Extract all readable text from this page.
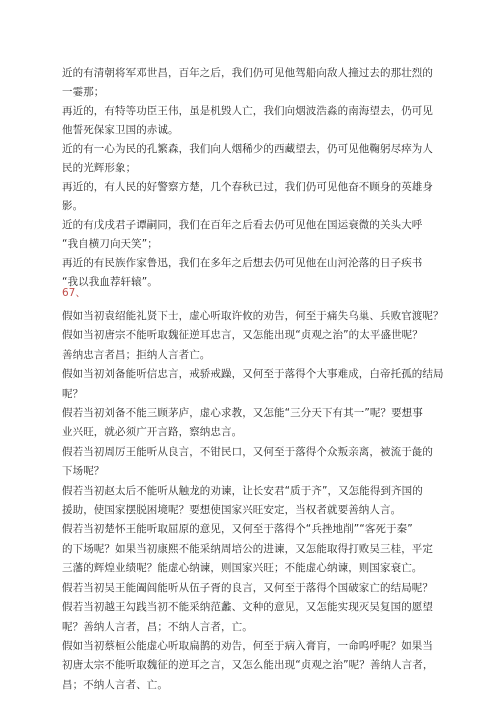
近的有清朝将军邓世昌，百年之后，我们仍可见他驾船向敌人撞过去的那壮烈的
一霎那；

再近的，有特等功臣王伟，虽是机毁人亡，我们向烟波浩淼的南海望去，仍可见
他誓死保家卫国的赤诚。

近的有一心为民的孔繁森，我们向人烟稀少的西藏望去，仍可见他鞠躬尽瘁为人
民的光辉形象；

再近的，有人民的好警察方楚，几个春秋已过，我们仍可见他奋不顾身的英雄身
影。

近的有戊戌君子谭嗣同，我们在百年之后看去仍可见他在国运衰微的关头大呼
“我自横刀向天笑”；

再近的有民族作家鲁迅，我们在多年之后想去仍可见他在山河沦落的日子疾书
“我以我血荐轩辕”。

67、

假如当初袁绍能礼贤下士，虚心听取许攸的劝告，何至于痛失乌巢、兵败官渡呢？
假如当初唐宗不能听取魏征逆耳忠言，又怎能出现“贞观之治”的太平盛世呢？
善纳忠言者昌；拒纳人言者亡。

假如当初刘备能听信忠言，戒骄戒躁，又何至于落得个大事难成，白帝托孤的结局呢？
假若当初刘备不能三顾茅庐，虚心求教，又怎能“三分天下有其一”呢？要想事
业兴旺，就必须广开言路，察纳忠言。

假若当初周厉王能听从良言，不钳民口，又何至于落得个众叛亲离，被流于彘的
下场呢？

假若当初赵太后不能听从触龙的劝谏，让长安君“质于齐”，又怎能得到齐国的
援助，使国家摆脱困境呢？要想使国家兴旺安定，当权者就要善纳人言。

假若当初楚怀王能听取屈原的意见，又何至于落得个“兵挫地削”“客死于秦”
的下场呢？如果当初康熙不能采纳周培公的进谏，又怎能取得打败吴三桂，平定
三藩的辉煌业绩呢？能虚心纳谏，则国家兴旺；不能虚心纳谏，则国家衰亡。

假若当初吴王能阖闾能听从伍子胥的良言，又何至于落得个国破家亡的结局呢？

假若当初越王勾践当初不能采纳范蠡、文种的意见，又怎能实现灭吴复国的愿望
呢？善纳人言者，昌；不纳人言者，亡。

假如当初蔡桓公能虚心听取扁鹊的劝告，何至于病入膏肓，一命呜呼呢？如果当
初唐太宗不能听取魏征的逆耳之言，又怎么能出现“贞观之治”呢？善纳人言者，
昌；不纳人言者、亡。
